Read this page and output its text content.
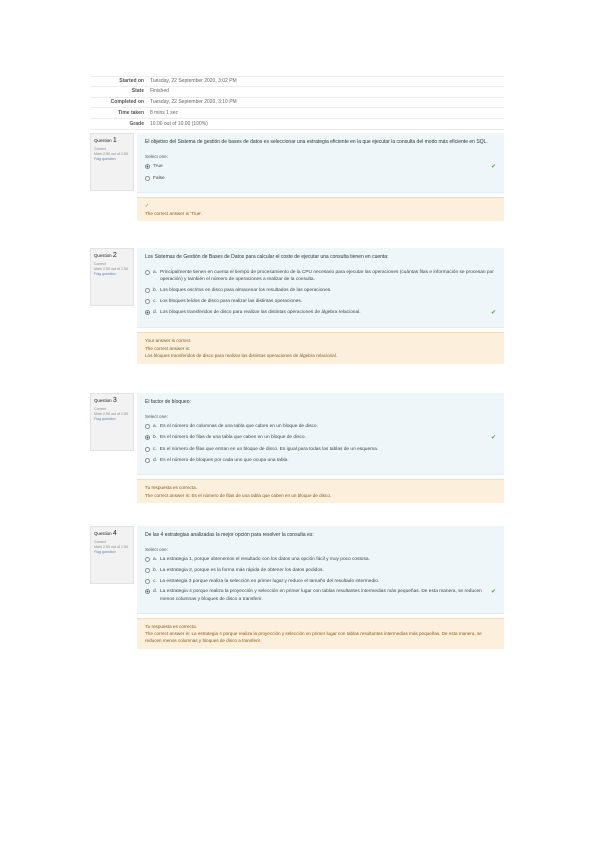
Started on	Tuesday, 22 September 2020, 3:02 PM
State	Finished
Completed on	Tuesday, 22 September 2020, 3:10 PM
Time taken	8 mins 1 sec
Grade	10.00 out of 10.00 (100%)
Question 1
Correct
Mark 2.50 out of 2.50
Flag question
El objetivo del Sistema de gestión de bases de datos es seleccionar una estrategia eficiente en la que ejecutar la consulta del modo más eficiente en SQL.
Select one:
True	✔
False
✓
The correct answer is 'True'.
Question 2
Correct
Mark 2.50 out of 2.50
Flag question
Los Sistemas de Gestión de Bases de Datos para calcular el coste de ejecutar una consulta tienen en cuenta:
a. Principalmente tienen en cuenta el tiempo de procesamiento de la CPU necesario para ejecutar las operaciones (cuántas filas e información se procesan por operación) y también el número de operaciones a realizar de la consulta.
b. Los bloques escritos en disco para almacenar los resultados de las operaciones.
c. Los bloques leídos de disco para realizar las distintas operaciones.
d. Los bloques transferidos de disco para realizar las distintas operaciones de álgebra relacional.	✔
Your answer is correct.
The correct answer is:
Los bloques transferidos de disco para realizar las distintas operaciones de álgebra relacional.
Question 3
Correct
Mark 2.50 out of 2.50
Flag question
El factor de bloqueo:
Select one:
a. Es el número de columnas de una tabla que caben en un bloque de disco.
b. Es el número de filas de una tabla que caben en un bloque de disco.	✔
c. Es el número de filas que entran en un bloque de disco. Es igual para todas las tablas de un esquema.
d. Es el número de bloques por cada uno que ocupa una tabla.
Tu respuesta es correcta.
The correct answer is: Es el número de filas de una tabla que caben en un bloque de disco.
Question 4
Correct
Mark 2.50 out of 2.50
Flag question
De las 4 estrategias analizadas la mejor opción para resolver la consulta es:
Select one:
a. La estrategia 1, porque obtenemos el resultado con los datos una opción fácil y muy poco costosa.
b. La estrategia 2, porque es la forma más rápida de obtener los datos pedidos.
c. La estrategia 3 porque realiza la selección en primer lugar y reduce el tamaño del resultado intermedio.
d. La estrategia 4 porque realiza la proyección y selección en primer lugar con tablas resultantes intermedias más pequeñas. De esta manera, se reducen menos columnas y bloques de disco a transferir.
✔
Tu respuesta es correcta.
The correct answer is: La estrategia 4 porque realiza la proyección y selección en primer lugar con tablas resultantes intermedias más pequeñas. De esta manera, se reducen menos columnas y bloques de disco a transferir.
